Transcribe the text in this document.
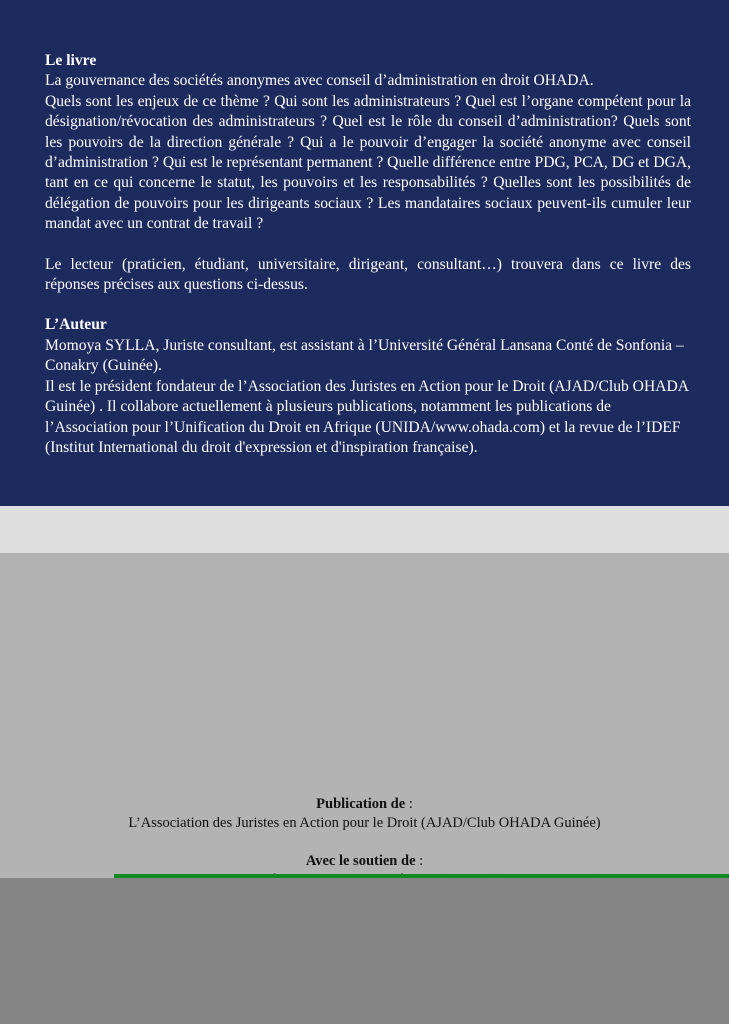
Le livre

La gouvernance des sociétés anonymes avec conseil d’administration en droit OHADA.

Quels sont les enjeux de ce thème ? Qui sont les administrateurs ? Quel est l’organe compétent pour la désignation/révocation des administrateurs ? Quel est le rôle du conseil d’administration? Quels sont les pouvoirs de la direction générale ? Qui a le pouvoir d’engager la société anonyme avec conseil d’administration ? Qui est le représentant permanent ? Quelle différence entre PDG, PCA, DG et DGA, tant en ce qui concerne le statut, les pouvoirs et les responsabilités ? Quelles sont les possibilités de délégation de pouvoirs pour les dirigeants sociaux ? Les mandataires sociaux peuvent-ils cumuler leur mandat avec un contrat de travail ?

Le lecteur (praticien, étudiant, universitaire, dirigeant, consultant…) trouvera dans ce livre des réponses précises aux questions ci-dessus.

L’Auteur

Momoya SYLLA, Juriste consultant, est assistant à l’Université Général Lansana Conté de Sonfonia – Conakry (Guinée).

Il est le président fondateur de l’Association des Juristes en Action pour le Droit (AJAD/Club OHADA Guinée) . Il collabore actuellement à plusieurs publications, notamment les publications de l’Association pour l’Unification du Droit en Afrique (UNIDA/www.ohada.com) et la revue de l’IDEF (Institut International du droit d'expression et d'inspiration française).

Publication de :

L’Association des Juristes en Action pour le Droit (AJAD/Club OHADA Guinée)

Avec le soutien de :
